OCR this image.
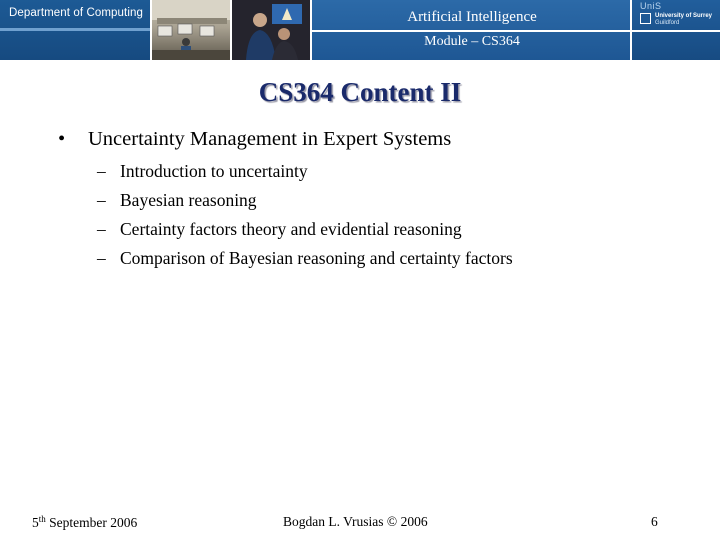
Department of Computing	Artificial Intelligence
Module – CS364
UniS
University of Surrey
Guildford
CS364 Content II
• Uncertainty Management in Expert Systems
– Introduction to uncertainty
– Bayesian reasoning
– Certainty factors theory and evidential reasoning
– Comparison of Bayesian reasoning and certainty factors
5th September 2006	Bogdan L. Vrusias © 2006	6
